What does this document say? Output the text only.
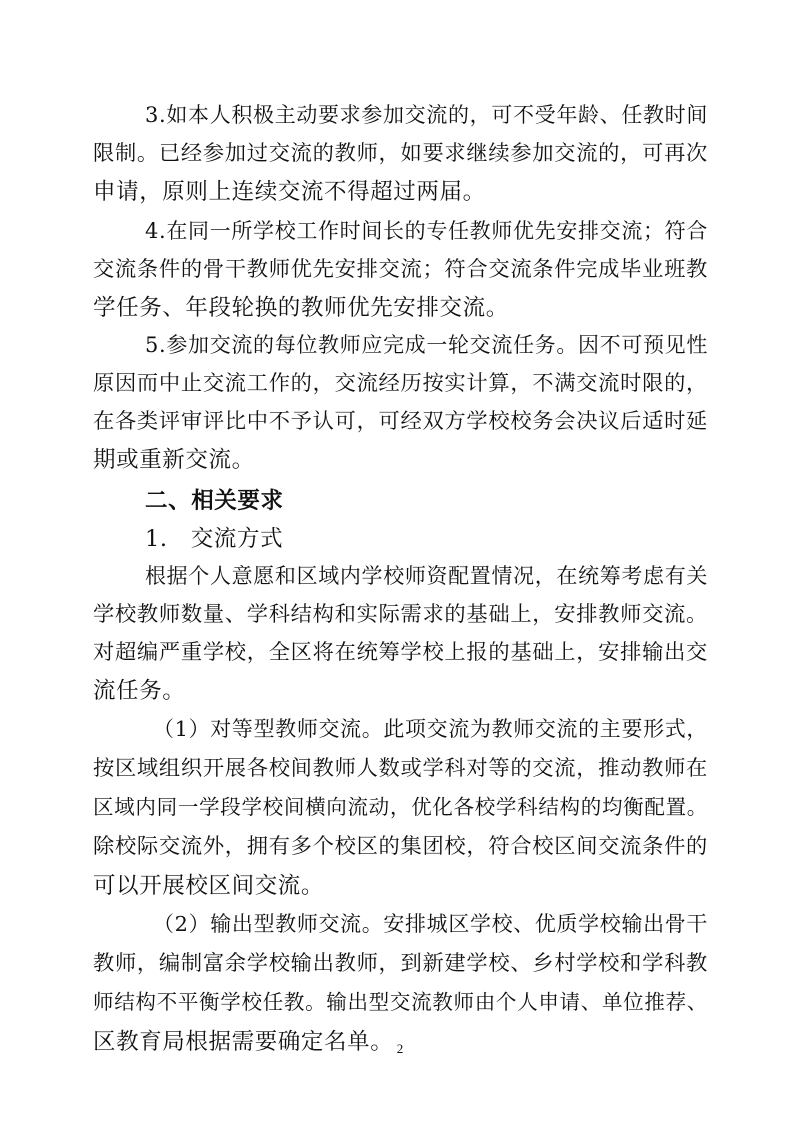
3.如本人积极主动要求参加交流的，可不受年龄、任教时间
限制。已经参加过交流的教师，如要求继续参加交流的，可再次
申请，原则上连续交流不得超过两届。
4.在同一所学校工作时间长的专任教师优先安排交流；符合
交流条件的骨干教师优先安排交流；符合交流条件完成毕业班教
学任务、年段轮换的教师优先安排交流。
5.参加交流的每位教师应完成一轮交流任务。因不可预见性
原因而中止交流工作的，交流经历按实计算，不满交流时限的，
在各类评审评比中不予认可，可经双方学校校务会决议后适时延
期或重新交流。
二、相关要求
1.　交流方式
根据个人意愿和区域内学校师资配置情况，在统筹考虑有关
学校教师数量、学科结构和实际需求的基础上，安排教师交流。
对超编严重学校，全区将在统筹学校上报的基础上，安排输出交
流任务。
（1）对等型教师交流。此项交流为教师交流的主要形式，
按区域组织开展各校间教师人数或学科对等的交流，推动教师在
区域内同一学段学校间横向流动，优化各校学科结构的均衡配置。
除校际交流外，拥有多个校区的集团校，符合校区间交流条件的
可以开展校区间交流。
（2）输出型教师交流。安排城区学校、优质学校输出骨干
教师，编制富余学校输出教师，到新建学校、乡村学校和学科教
师结构不平衡学校任教。输出型交流教师由个人申请、单位推荐、
区教育局根据需要确定名单。 2
